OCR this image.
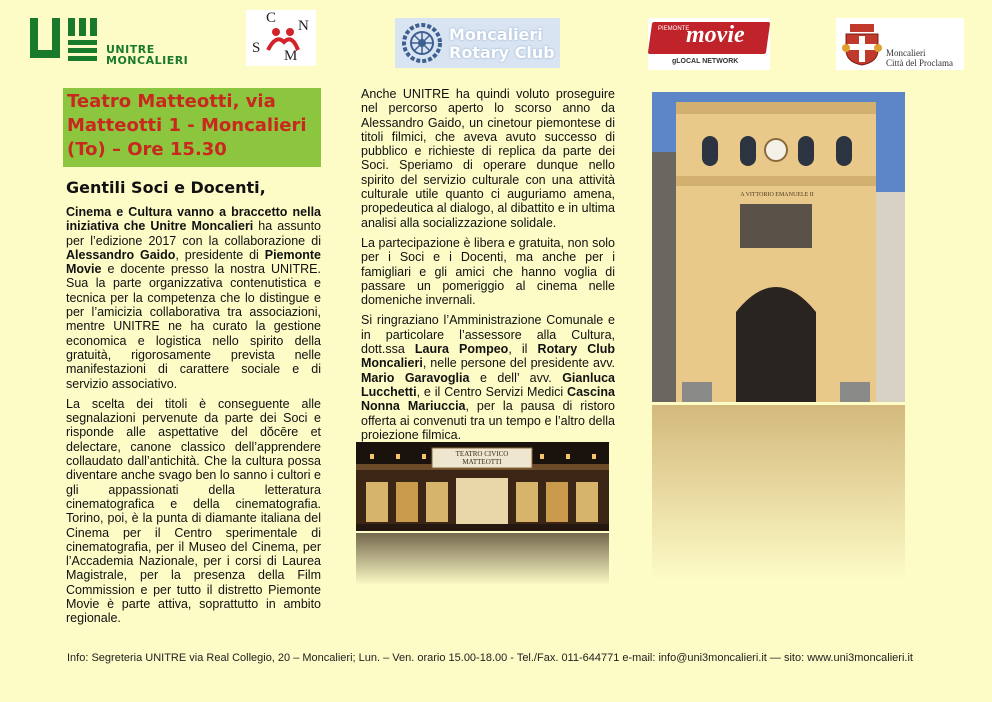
UNITRE
MONCALIERI
C N
S M
Moncalieri
Rotary Club
PIEMONTE
movie
gLOCAL NETWORK
Moncalieri
Città del Proclama
Teatro Matteotti, via
Matteotti 1 - Moncalieri
(To) – Ore 15.30
Gentili Soci e Docenti,

Cinema e Cultura vanno a braccetto nella iniziativa che Unitre Moncalieri ha assunto per l’edizione 2017 con la collaborazione di Alessandro Gaido, presidente di Piemonte Movie e docente presso la nostra UNITRE. Sua la parte organizzativa contenutistica e tecnica per la competenza che lo distingue e per l’amicizia collaborativa tra associazioni, mentre UNITRE ne ha curato la gestione economica e logistica nello spirito della gratuità, rigorosamente prevista nelle manifestazioni di carattere sociale e di servizio associativo.

La scelta dei titoli è conseguente alle segnalazioni pervenute da parte dei Soci e risponde alle aspettative del dŏcēre et delectare, canone classico dell’apprendere collaudato dall’antichità. Che la cultura possa diventare anche svago ben lo sanno i cultori e gli appassionati della letteratura cinematografica e della cinematografia. Torino, poi, è la punta di diamante italiana del Cinema per il Centro sperimentale di cinematografia, per il Museo del Cinema, per l’Accademia Nazionale, per i corsi di Laurea Magistrale, per la presenza della Film Commission e per tutto il distretto Piemonte Movie è parte attiva, soprattutto in ambito regionale.

Anche UNITRE ha quindi voluto proseguire nel percorso aperto lo scorso anno da Alessandro Gaido, un cinetour piemontese di titoli filmici, che aveva avuto successo di pubblico e richieste di replica da parte dei Soci. Speriamo di operare dunque nello spirito del servizio culturale con una attività culturale utile quanto ci auguriamo amena, propedeutica al dialogo, al dibattito e in ultima analisi alla socializzazione solidale.

La partecipazione è libera e gratuita, non solo per i Soci e i Docenti, ma anche per i famigliari e gli amici che hanno voglia di passare un pomeriggio al cinema nelle domeniche invernali.

Si ringraziano l’Amministrazione Comunale e in particolare l’assessore alla Cultura, dott.ssa Laura Pompeo, il Rotary Club Moncalieri, nelle persone del presidente avv. Mario Garavoglia e dell’ avv. Gianluca Lucchetti, e il Centro Servizi Medici Cascina Nonna Mariuccia, per la pausa di ristoro offerta ai convenuti tra un tempo e l’altro della proiezione filmica.

TEATRO CIVICO MATTEOTTI
A VITTORIO EMANUELE II
Info: Segreteria UNITRE via Real Collegio, 20 – Moncalieri; Lun. – Ven. orario 15.00-18.00 - Tel./Fax. 011-644771 e-mail: info@uni3moncalieri.it — sito: www.uni3moncalieri.it
